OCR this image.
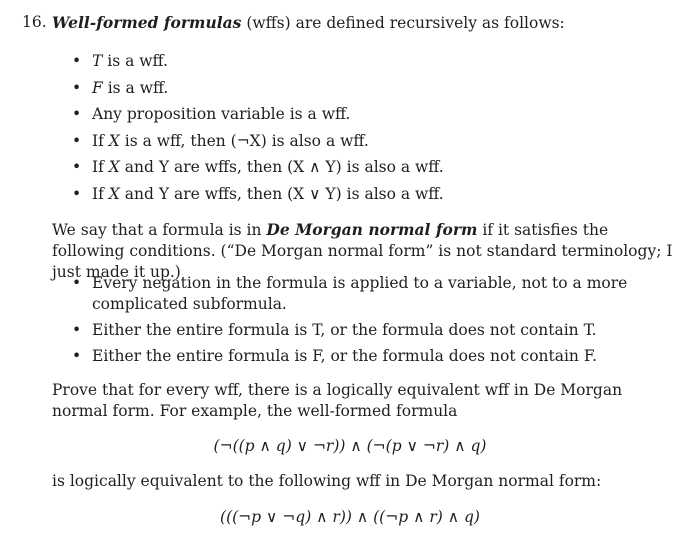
16. Well-formed formulas (wffs) are defined recursively as follows:
• T is a wff.
• F is a wff.
• Any proposition variable is a wff.
• If X is a wff, then (¬X) is also a wff.
• If X and Y are wffs, then (X ∧ Y) is also a wff.
• If X and Y are wffs, then (X ∨ Y) is also a wff.
We say that a formula is in De Morgan normal form if it satisfies the following conditions. (“De Morgan normal form” is not standard terminology; I just made it up.)
• Every negation in the formula is applied to a variable, not to a more complicated subformula.
• Either the entire formula is T, or the formula does not contain T.
• Either the entire formula is F, or the formula does not contain F.
Prove that for every wff, there is a logically equivalent wff in De Morgan normal form. For example, the well-formed formula
(¬((p ∧ q) ∨ ¬r)) ∧ (¬(p ∨ ¬r) ∧ q)
is logically equivalent to the following wff in De Morgan normal form:
(((¬p ∨ ¬q) ∧ r)) ∧ ((¬p ∧ r) ∧ q)
